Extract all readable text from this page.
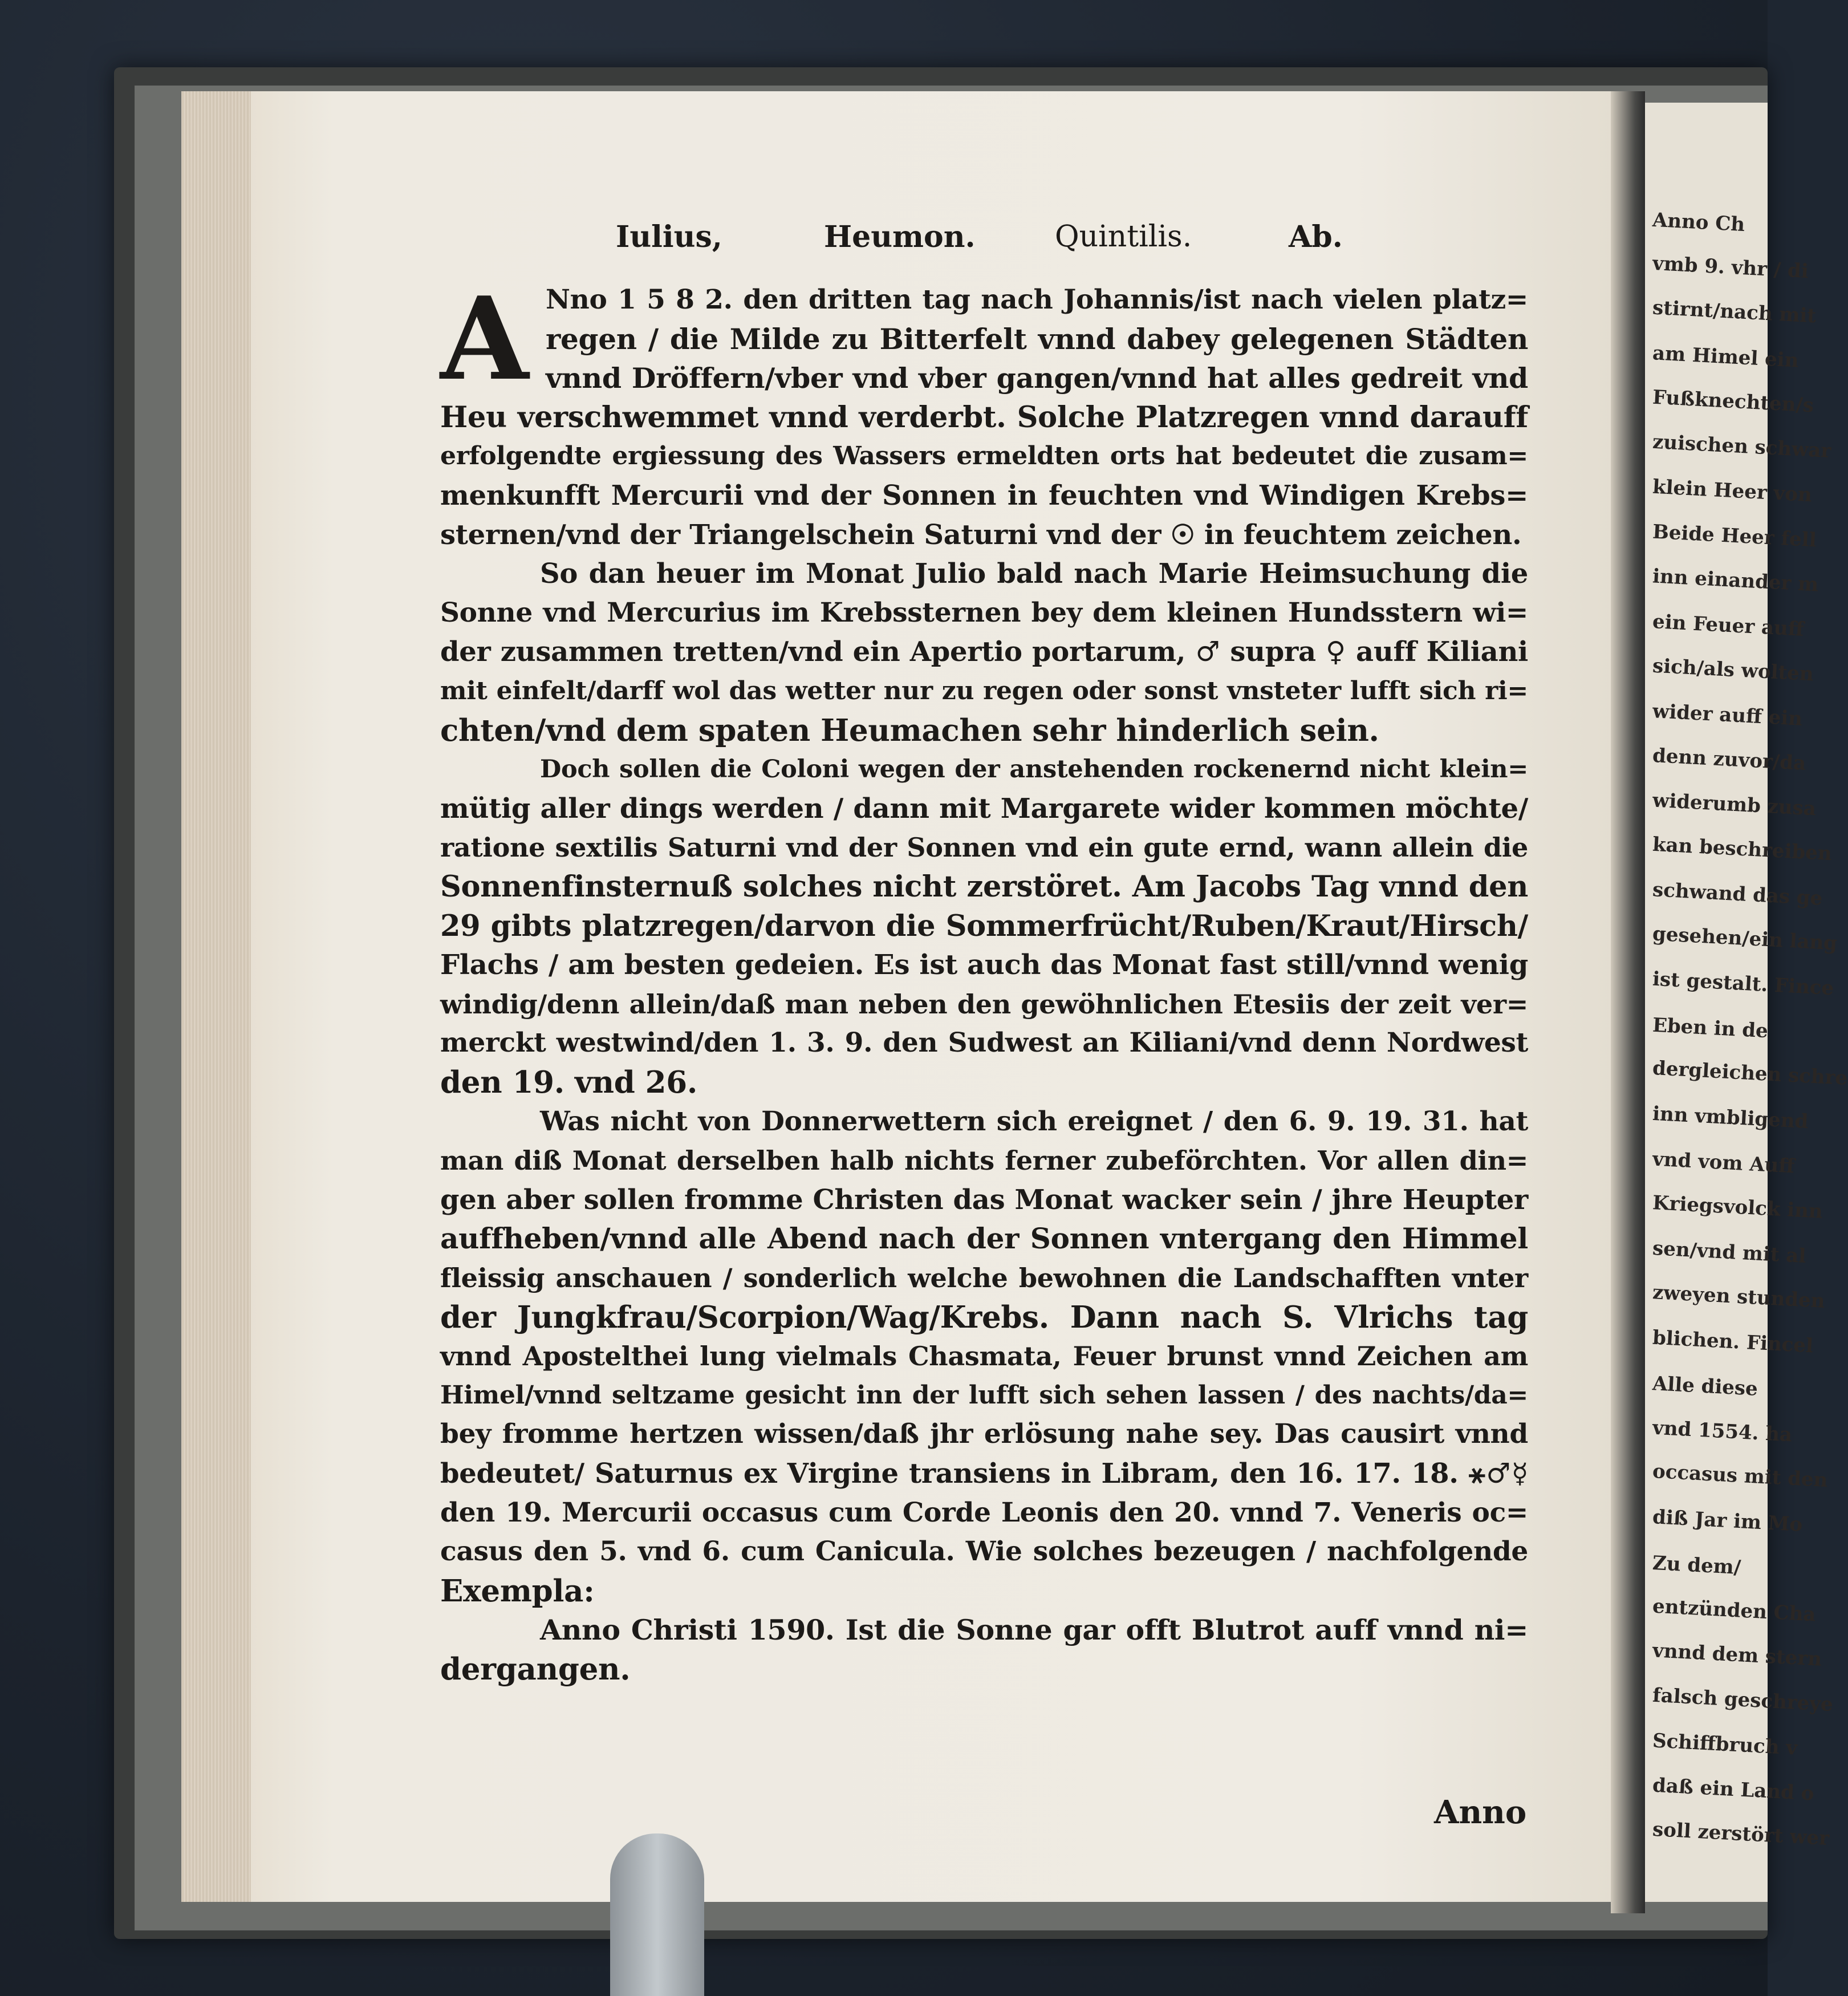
Anno Ch
vmb 9. vhr / di
stirnt/nach mit
am Himel ein
Fußknechten/s
zuischen schwar
klein Heer von
Beide Heer fell
inn einander m
ein Feuer auff
sich/als wolten
wider auff ein
denn zuvor/da
widerumb zusa
kan beschreiben
schwand das ge
gesehen/ein lang
ist gestalt. Fince
Eben in de
dergleichen schre
inn vmbligend
vnd vom Auff
Kriegsvolck inn
sen/vnd mit al
zweyen stunden
blichen. Fincel
Alle diese
vnd 1554. ha
occasus mit den
diß Jar im Mo
Zu dem/
entzünden Cha
vnnd dem stern
falsch geschreye
Schiffbruch v
daß ein Land o
soll zerstört wer
Iulius,	Heumon.	Quintilis.	Ab.
A Nno 1 5 8 2. den dritten tag nach Johannis/ist nach vielen platz=
regen / die Milde zu Bitterfelt vnnd dabey gelegenen Städten
vnnd Dröffern/vber vnd vber gangen/vnnd hat alles gedreit vnd
Heu verschwemmet vnnd verderbt. Solche Platzregen vnnd darauff
erfolgendte ergiessung des Wassers ermeldten orts hat bedeutet die zusam=
menkunfft Mercurii vnd der Sonnen in feuchten vnd Windigen Krebs=
sternen/vnd der Triangelschein Saturni vnd der ☉ in feuchtem zeichen.
So dan heuer im Monat Julio bald nach Marie Heimsuchung die
Sonne vnd Mercurius im Krebssternen bey dem kleinen Hundsstern wi=
der zusammen tretten/vnd ein Apertio portarum, ♂ supra ♀ auff Kiliani
mit einfelt/darff wol das wetter nur zu regen oder sonst vnsteter lufft sich ri=
chten/vnd dem spaten Heumachen sehr hinderlich sein.
Doch sollen die Coloni wegen der anstehenden rockenernd nicht klein=
mütig aller dings werden / dann mit Margarete wider kommen möchte/
ratione sextilis Saturni vnd der Sonnen vnd ein gute ernd, wann allein die
Sonnenfinsternuß solches nicht zerstöret. Am Jacobs Tag vnnd den
29 gibts platzregen/darvon die Sommerfrücht/Ruben/Kraut/Hirsch/
Flachs / am besten gedeien. Es ist auch das Monat fast still/vnnd wenig
windig/denn allein/daß man neben den gewöhnlichen Etesiis der zeit ver=
merckt westwind/den 1. 3. 9. den Sudwest an Kiliani/vnd denn Nordwest
den 19. vnd 26.
Was nicht von Donnerwettern sich ereignet / den 6. 9. 19. 31. hat
man diß Monat derselben halb nichts ferner zubeförchten. Vor allen din=
gen aber sollen fromme Christen das Monat wacker sein / jhre Heupter
auffheben/vnnd alle Abend nach der Sonnen vntergang den Himmel
fleissig anschauen / sonderlich welche bewohnen die Landschafften vnter
der Jungkfrau/Scorpion/Wag/Krebs. Dann nach S. Vlrichs tag
vnnd Apostelthei lung vielmals Chasmata, Feuer brunst vnnd Zeichen am
Himel/vnnd seltzame gesicht inn der lufft sich sehen lassen / des nachts/da=
bey fromme hertzen wissen/daß jhr erlösung nahe sey. Das causirt vnnd
bedeutet/ Saturnus ex Virgine transiens in Libram, den 16. 17. 18. ⚹♂☿
den 19. Mercurii occasus cum Corde Leonis den 20. vnnd 7. Veneris oc=
casus den 5. vnd 6. cum Canicula. Wie solches bezeugen / nachfolgende
Exempla:
Anno Christi 1590. Ist die Sonne gar offt Blutrot auff vnnd ni=
dergangen.
Anno
